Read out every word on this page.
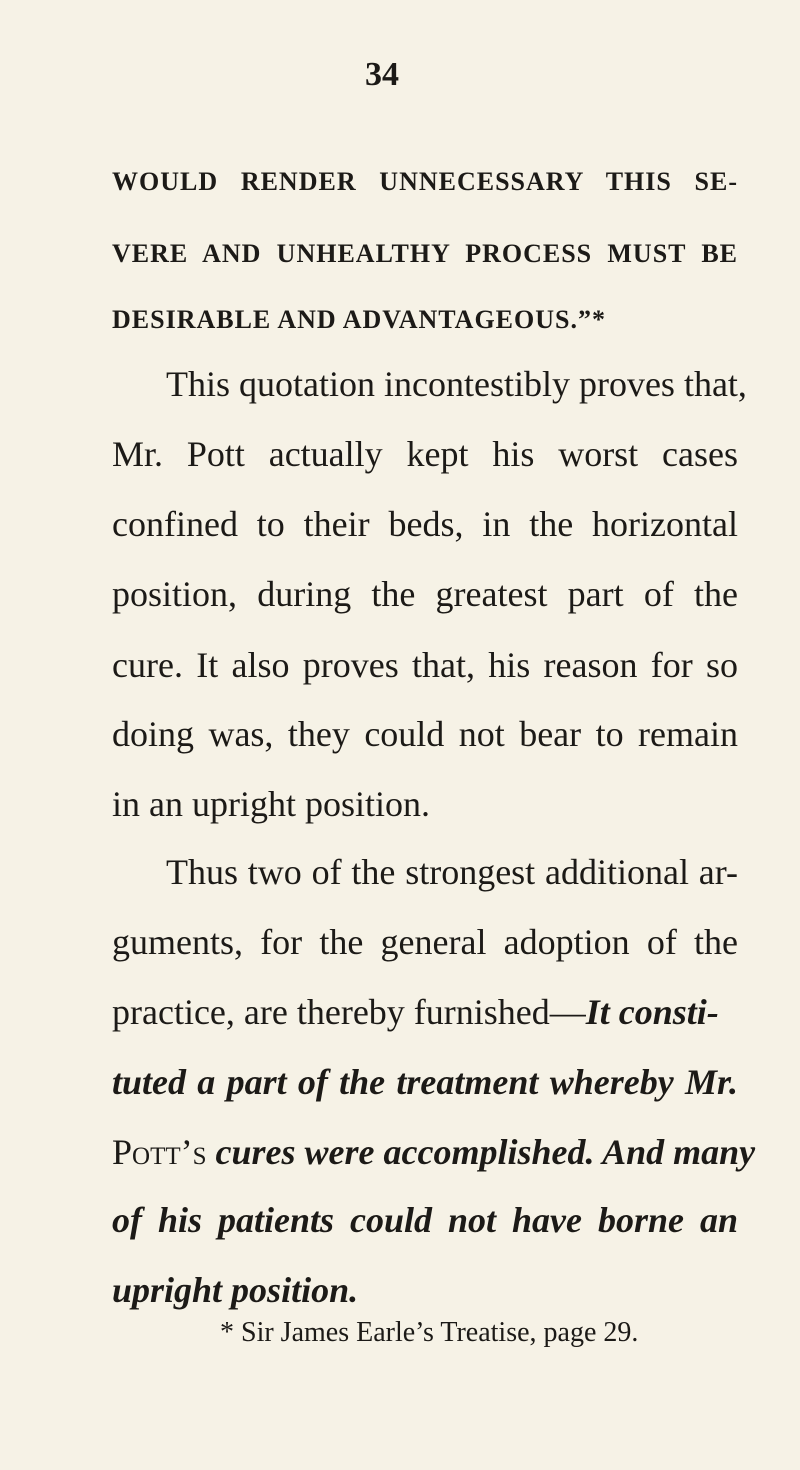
34
WOULD RENDER UNNECESSARY THIS SE-
VERE AND UNHEALTHY PROCESS MUST BE
DESIRABLE AND ADVANTAGEOUS.”*
This quotation incontestibly proves that,
Mr. Pott actually kept his worst cases
confined to their beds, in the horizontal
position, during the greatest part of the
cure. It also proves that, his reason for so
doing was, they could not bear to remain
in an upright position.
Thus two of the strongest additional ar-
guments, for the general adoption of the
practice, are thereby furnished—It consti-
tuted a part of the treatment whereby Mr.
Pott’s cures were accomplished. And many
of his patients could not have borne an
upright position.
* Sir James Earle’s Treatise, page 29.
